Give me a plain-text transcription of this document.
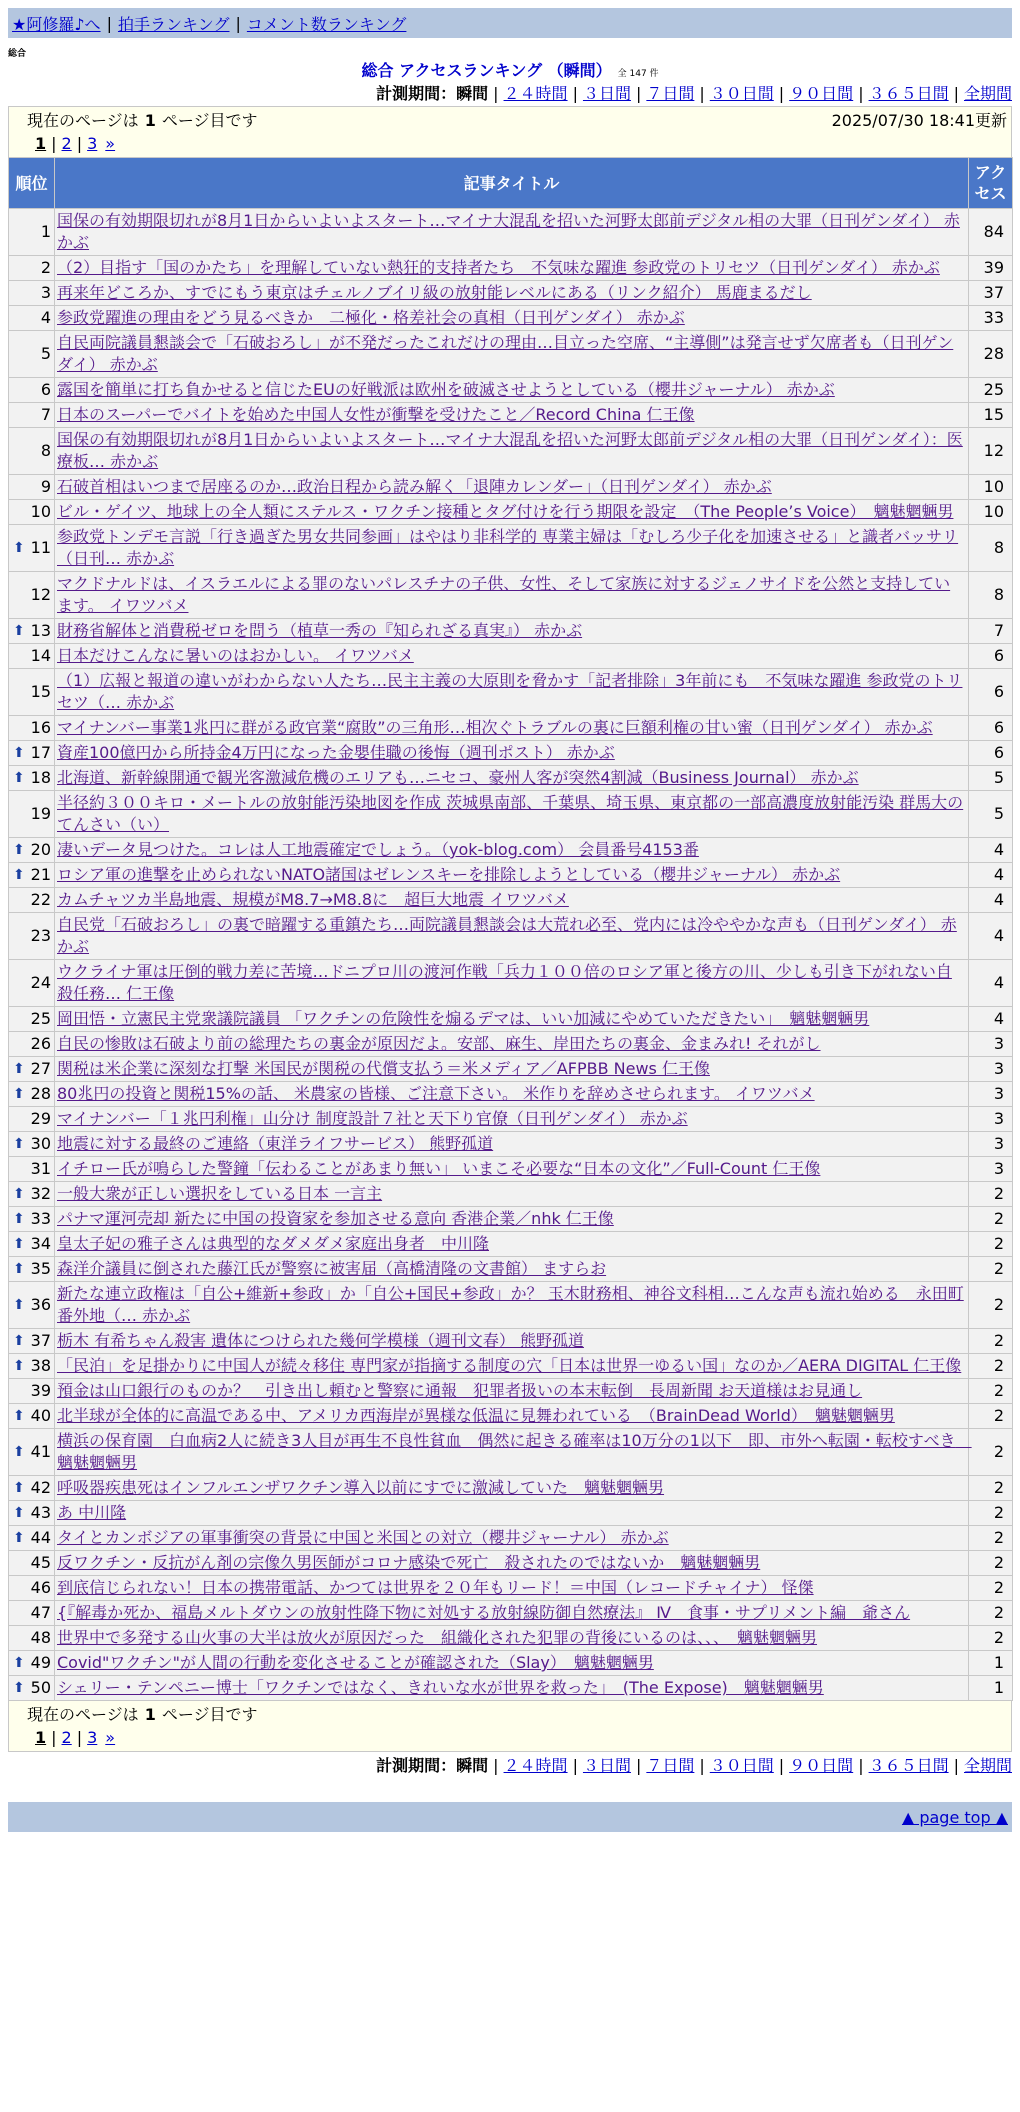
★阿修羅♪へ | 拍手ランキング | コメント数ランキング
総合
総合 アクセスランキング （瞬間） 全 147 件
計測期間：瞬間 | ２４時間 | ３日間 | ７日間 | ３０日間 | ９０日間 | ３６５日間 | 全期間
現在のページは 1 ページ目です	2025/07/30 18:41更新
1 | 2 | 3 »
順位	記事タイトル	アクセス
1	国保の有効期限切れが8月1日からいよいよスタート…マイナ大混乱を招いた河野太郎前デジタル相の大罪（日刊ゲンダイ） 赤かぶ	84
2	（2）目指す「国のかたち」を理解していない熱狂的支持者たち　不気味な躍進 参政党のトリセツ（日刊ゲンダイ） 赤かぶ	39
3	再来年どころか、すでにもう東京はチェルノブイリ級の放射能レベルにある（リンク紹介） 馬鹿まるだし	37
4	参政党躍進の理由をどう見るべきか　二極化・格差社会の真相（日刊ゲンダイ） 赤かぶ	33
5	自民両院議員懇談会で「石破おろし」が不発だったこれだけの理由…目立った空席、“主導側”は発言せず欠席者も（日刊ゲンダイ） 赤かぶ	28
6	露国を簡単に打ち負かせると信じたEUの好戦派は欧州を破滅させようとしている（櫻井ジャーナル） 赤かぶ	25
7	日本のスーパーでバイトを始めた中国人女性が衝撃を受けたこと／Record China 仁王像	15
8	国保の有効期限切れが8月1日からいよいよスタート…マイナ大混乱を招いた河野太郎前デジタル相の大罪（日刊ゲンダイ）：医療板… 赤かぶ	12
9	石破首相はいつまで居座るのか…政治日程から読み解く「退陣カレンダー」（日刊ゲンダイ） 赤かぶ	10
10	ビル・ゲイツ、地球上の全人類にステルス・ワクチン接種とタグ付けを行う期限を設定　（The People’s Voice）　魑魅魍魎男	10

⬆ 11	参政党トンデモ言説「行き過ぎた男女共同参画」はやはり非科学的 専業主婦は「むしろ少子化を加速させる」と識者バッサリ（日刊… 赤かぶ	8
12	マクドナルドは、イスラエルによる罪のないパレスチナの子供、女性、そして家族に対するジェノサイドを公然と支持しています。 イワツバメ	8

⬆ 13	財務省解体と消費税ゼロを問う（植草一秀の『知られざる真実』） 赤かぶ	7
14	日本だけこんなに暑いのはおかしい。 イワツバメ	6
15	（1）広報と報道の違いがわからない人たち…民主主義の大原則を脅かす「記者排除」3年前にも　不気味な躍進 参政党のトリセツ（… 赤かぶ	6
16	マイナンバー事業1兆円に群がる政官業“腐敗”の三角形…相次ぐトラブルの裏に巨額利権の甘い蜜（日刊ゲンダイ） 赤かぶ	6

⬆ 17	資産100億円から所持金4万円になった金嬰佳職の後悔（週刊ポスト） 赤かぶ	6

⬆ 18	北海道、新幹線開通で観光客激減危機のエリアも…ニセコ、豪州人客が突然4割減（Business Journal） 赤かぶ	5
19	半径約３００キロ・メートルの放射能汚染地図を作成 茨城県南部、千葉県、埼玉県、東京都の一部高濃度放射能汚染 群馬大のてんさい（い）	5

⬆ 20	凄いデータ見つけた。コレは人工地震確定でしょう。（yok-blog.com） 会員番号4153番	4

⬆ 21	ロシア軍の進撃を止められないNATO諸国はゼレンスキーを排除しようとしている（櫻井ジャーナル） 赤かぶ	4
22	カムチャツカ半島地震、規模がM8.7→M8.8に　超巨大地震 イワツバメ	4
23	自民党「石破おろし」の裏で暗躍する重鎮たち…両院議員懇談会は大荒れ必至、党内には冷ややかな声も（日刊ゲンダイ） 赤かぶ	4
24	ウクライナ軍は圧倒的戦力差に苦境…ドニプロ川の渡河作戦「兵力１００倍のロシア軍と後方の川、少しも引き下がれない自殺任務… 仁王像	4
25	岡田悟・立憲民主党衆議院議員 「ワクチンの危険性を煽るデマは、いい加減にやめていただきたい」　魑魅魍魎男	4
26	自民の惨敗は石破より前の総理たちの裏金が原因だよ。安部、麻生、岸田たちの裏金、金まみれ! それがし	3

⬆ 27	関税は米企業に深刻な打撃 米国民が関税の代償支払う＝米メディア／AFPBB News 仁王像	3

⬆ 28	80兆円の投資と関税15%の話、 米農家の皆様、ご注意下さい。 米作りを辞めさせられます。 イワツバメ	3
29	マイナンバー「１兆円利権」山分け 制度設計７社と天下り官僚（日刊ゲンダイ） 赤かぶ	3

⬆ 30	地震に対する最終のご連絡（東洋ライフサービス） 熊野孤道	3
31	イチロー氏が鳴らした警鐘「伝わることがあまり無い」 いまこそ必要な“日本の文化”／Full-Count 仁王像	3

⬆ 32	一般大衆が正しい選択をしている日本 一言主	2

⬆ 33	パナマ運河売却 新たに中国の投資家を参加させる意向 香港企業／nhk 仁王像	2

⬆ 34	皇太子妃の雅子さんは典型的なダメダメ家庭出身者　中川隆	2

⬆ 35	森洋介議員に倒された藤江氏が警察に被害届（高橋清隆の文書館） ますらお	2

⬆ 36	新たな連立政権は「自公+維新+参政」か「自公+国民+参政」か？ 玉木財務相、神谷文科相…こんな声も流れ始める　永田町番外地（… 赤かぶ	2

⬆ 37	栃木 有希ちゃん殺害 遺体につけられた幾何学模様（週刊文春） 熊野孤道	2

⬆ 38	「民泊」を足掛かりに中国人が続々移住 専門家が指摘する制度の穴「日本は世界一ゆるい国」なのか／AERA DIGITAL 仁王像	2
39	預金は山口銀行のものか？　引き出し頼むと警察に通報　犯罪者扱いの本末転倒　長周新聞 お天道様はお見通し	2

⬆ 40	北半球が全体的に高温である中、アメリカ西海岸が異様な低温に見舞われている　（BrainDead World）　魑魅魍魎男	2

⬆ 41	横浜の保育園　白血病2人に続き3人目が再生不良性貧血　偶然に起きる確率は10万分の1以下　即、市外へ転園・転校すべき　魑魅魍魎男	2

⬆ 42	呼吸器疾患死はインフルエンザワクチン導入以前にすでに激減していた　魑魅魍魎男	2

⬆ 43	あ 中川隆	2

⬆ 44	タイとカンボジアの軍事衝突の背景に中国と米国との対立（櫻井ジャーナル） 赤かぶ	2
45	反ワクチン・反抗がん剤の宗像久男医師がコロナ感染で死亡　殺されたのではないか　魑魅魍魎男	2
46	到底信じられない！日本の携帯電話、かつては世界を２０年もリード！＝中国（レコードチャイナ） 怪傑	2
47	{『解毒か死か、福島メルトダウンの放射性降下物に対処する放射線防御自然療法』 Ⅳ　食事・サプリメント編　爺さん	2
48	世界中で多発する山火事の大半は放火が原因だった　組織化された犯罪の背後にいるのは、、、　魑魅魍魎男	2

⬆ 49	Covid"ワクチン"が人間の行動を変化させることが確認された（Slay）　魑魅魍魎男	1

⬆ 50	シェリー・テンペニー博士「ワクチンではなく、きれいな水が世界を救った」　(The Expose)　魑魅魍魎男	1
現在のページは 1 ページ目です
1 | 2 | 3 »
計測期間：瞬間 | ２４時間 | ３日間 | ７日間 | ３０日間 | ９０日間 | ３６５日間 | 全期間
▲ page top ▲
